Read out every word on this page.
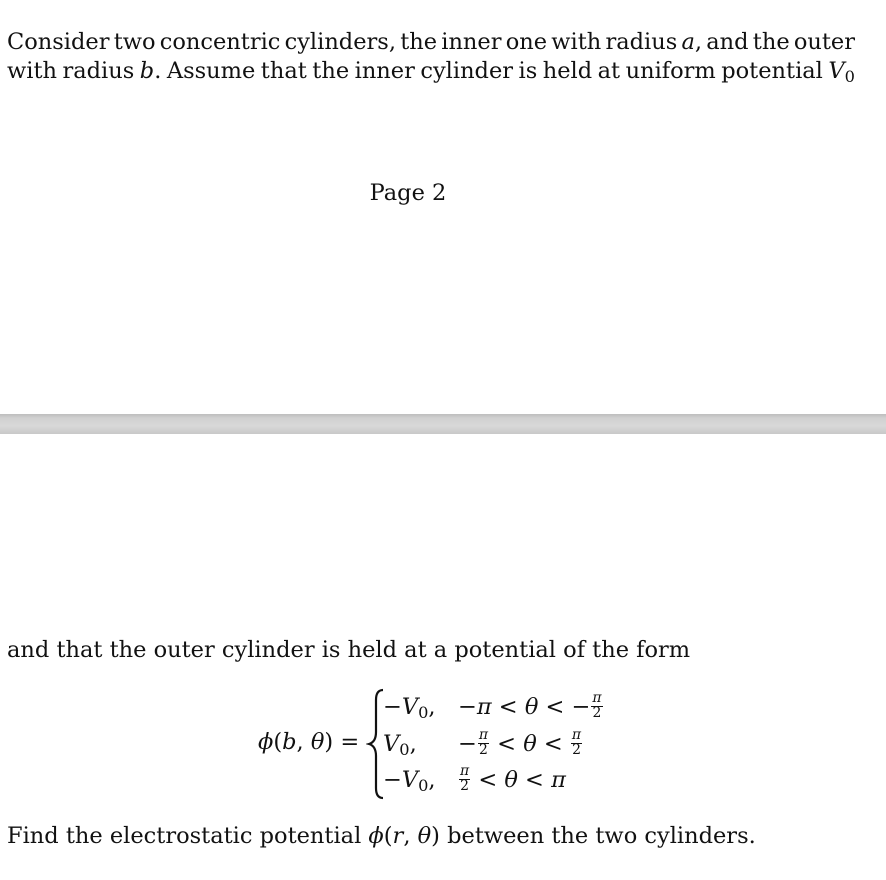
Consider two concentric cylinders, the inner one with radius a, and the outer
with radius b. Assume that the inner cylinder is held at uniform potential $V_0$
Page 2

and that the outer cylinder is held at a potential of the form

ϕ(b, θ) =
$-V_0$, −π < θ < − $\frac{\pi}{2}$
$V_0$, − $\frac{\pi}{2} < \theta < \frac{\pi}{2}$
$-V_0$, $\frac{\pi}{2} < \theta < \pi$

Find the electrostatic potential ϕ(r, θ) between the two cylinders.
